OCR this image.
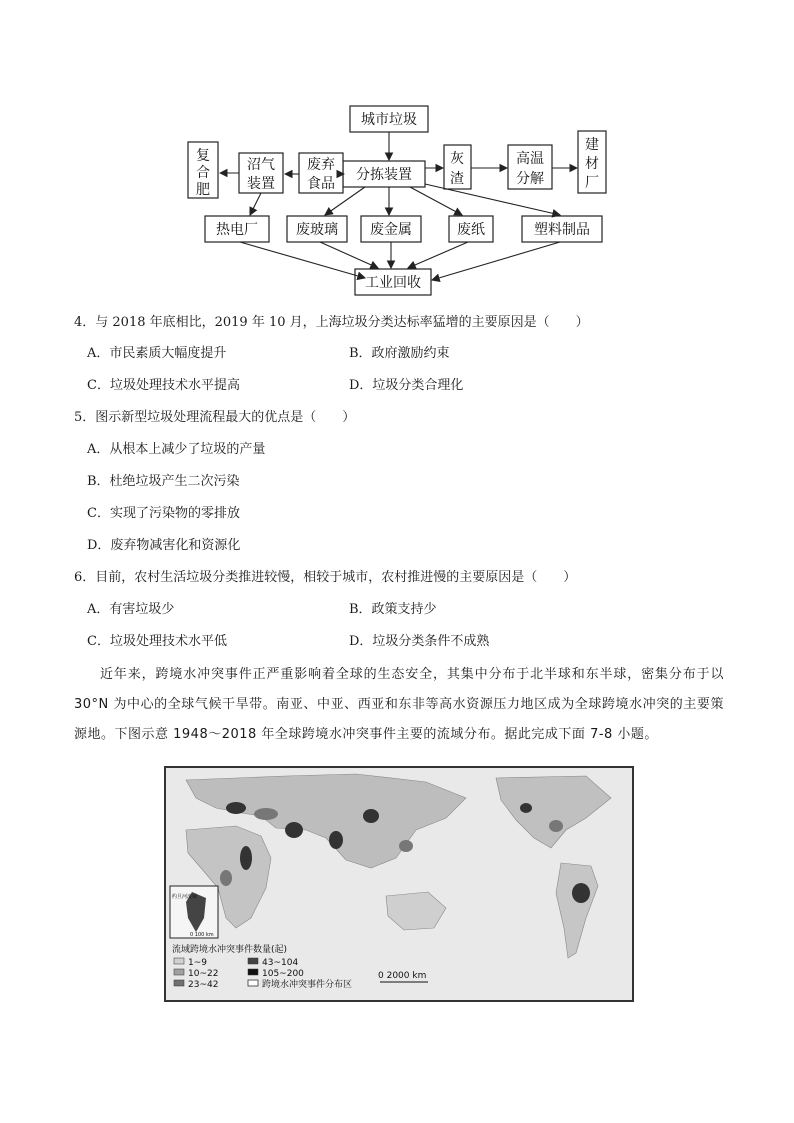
城市垃圾
分拣装置
废弃
食品
沼气
装置
复
合
肥
灰
渣
高温
分解
建
材
厂
热电厂	废玻璃 废金属	废纸	塑料制品
工业回收
4．与 2018 年底相比，2019 年 10 月，上海垃圾分类达标率猛增的主要原因是（　　）
A．市民素质大幅度提升	B．政府激励约束
C．垃圾处理技术水平提高	D．垃圾分类合理化
5．图示新型垃圾处理流程最大的优点是（　　）
A．从根本上减少了垃圾的产量
B．杜绝垃圾产生二次污染
C．实现了污染物的零排放
D．废弃物减害化和资源化
6．目前，农村生活垃圾分类推进较慢，相较于城市，农村推进慢的主要原因是（　　）
A．有害垃圾少	B．政策支持少
C．垃圾处理技术水平低	D．垃圾分类条件不成熟

近年来，跨境水冲突事件正严重影响着全球的生态安全，其集中分布于北半球和东半球，密集分布于以 30°N 为中心的全球气候干旱带。南亚、中亚、西亚和东非等高水资源压力地区成为全球跨境水冲突的主要策源地。下图示意 1948～2018 年全球跨境水冲突事件主要的流域分布。据此完成下面 7-8 小题。

约旦河流域
0 100 km
0 2000 km
流域跨境水冲突事件数量(起)
1~9
10~22
23~42
43~104
105~200
跨境水冲突事件分布区
